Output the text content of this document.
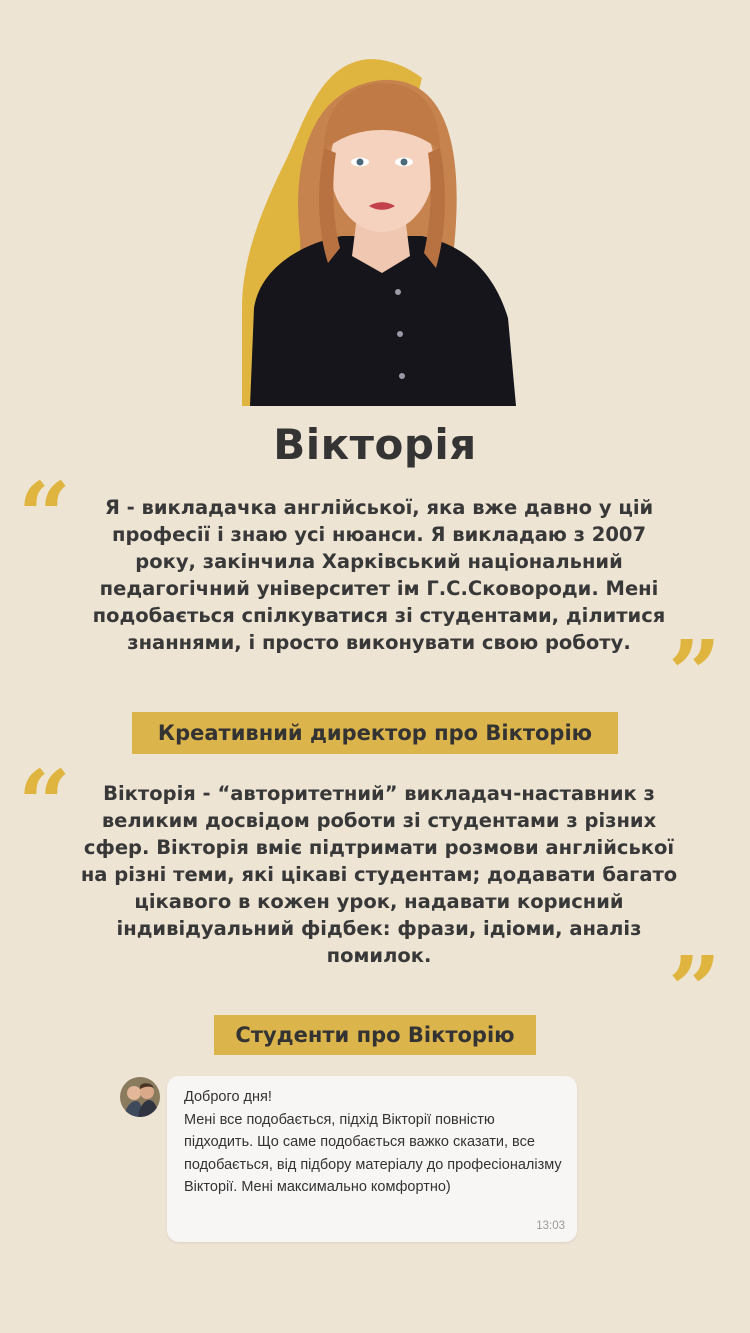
Вікторія
“	Я - викладачка англійської, яка вже давно у цій професії і знаю усі нюанси. Я викладаю з 2007 року, закінчила Харківський національний педагогічний університет ім Г.С.Сковороди. Мені подобається спілкуватися зі студентами, ділитися знаннями, і просто виконувати свою роботу. ”
Креативний директор про Вікторію
“	Вікторія - “авторитетний” викладач-наставник з великим досвідом роботи зі студентами з різних сфер. Вікторія вміє підтримати розмови англійської на різні теми, які цікаві студентам; додавати багато цікавого в кожен урок, надавати корисний індивідуальний фідбек: фрази, ідіоми, аналіз помилок.	”
Студенти про Вікторію
Доброго дня!
Мені все подобається, підхід Вікторії повністю підходить. Що саме подобається важко сказати, все подобається, від підбору матеріалу до професіоналізму Вікторії. Мені максимально комфортно)
13:03
